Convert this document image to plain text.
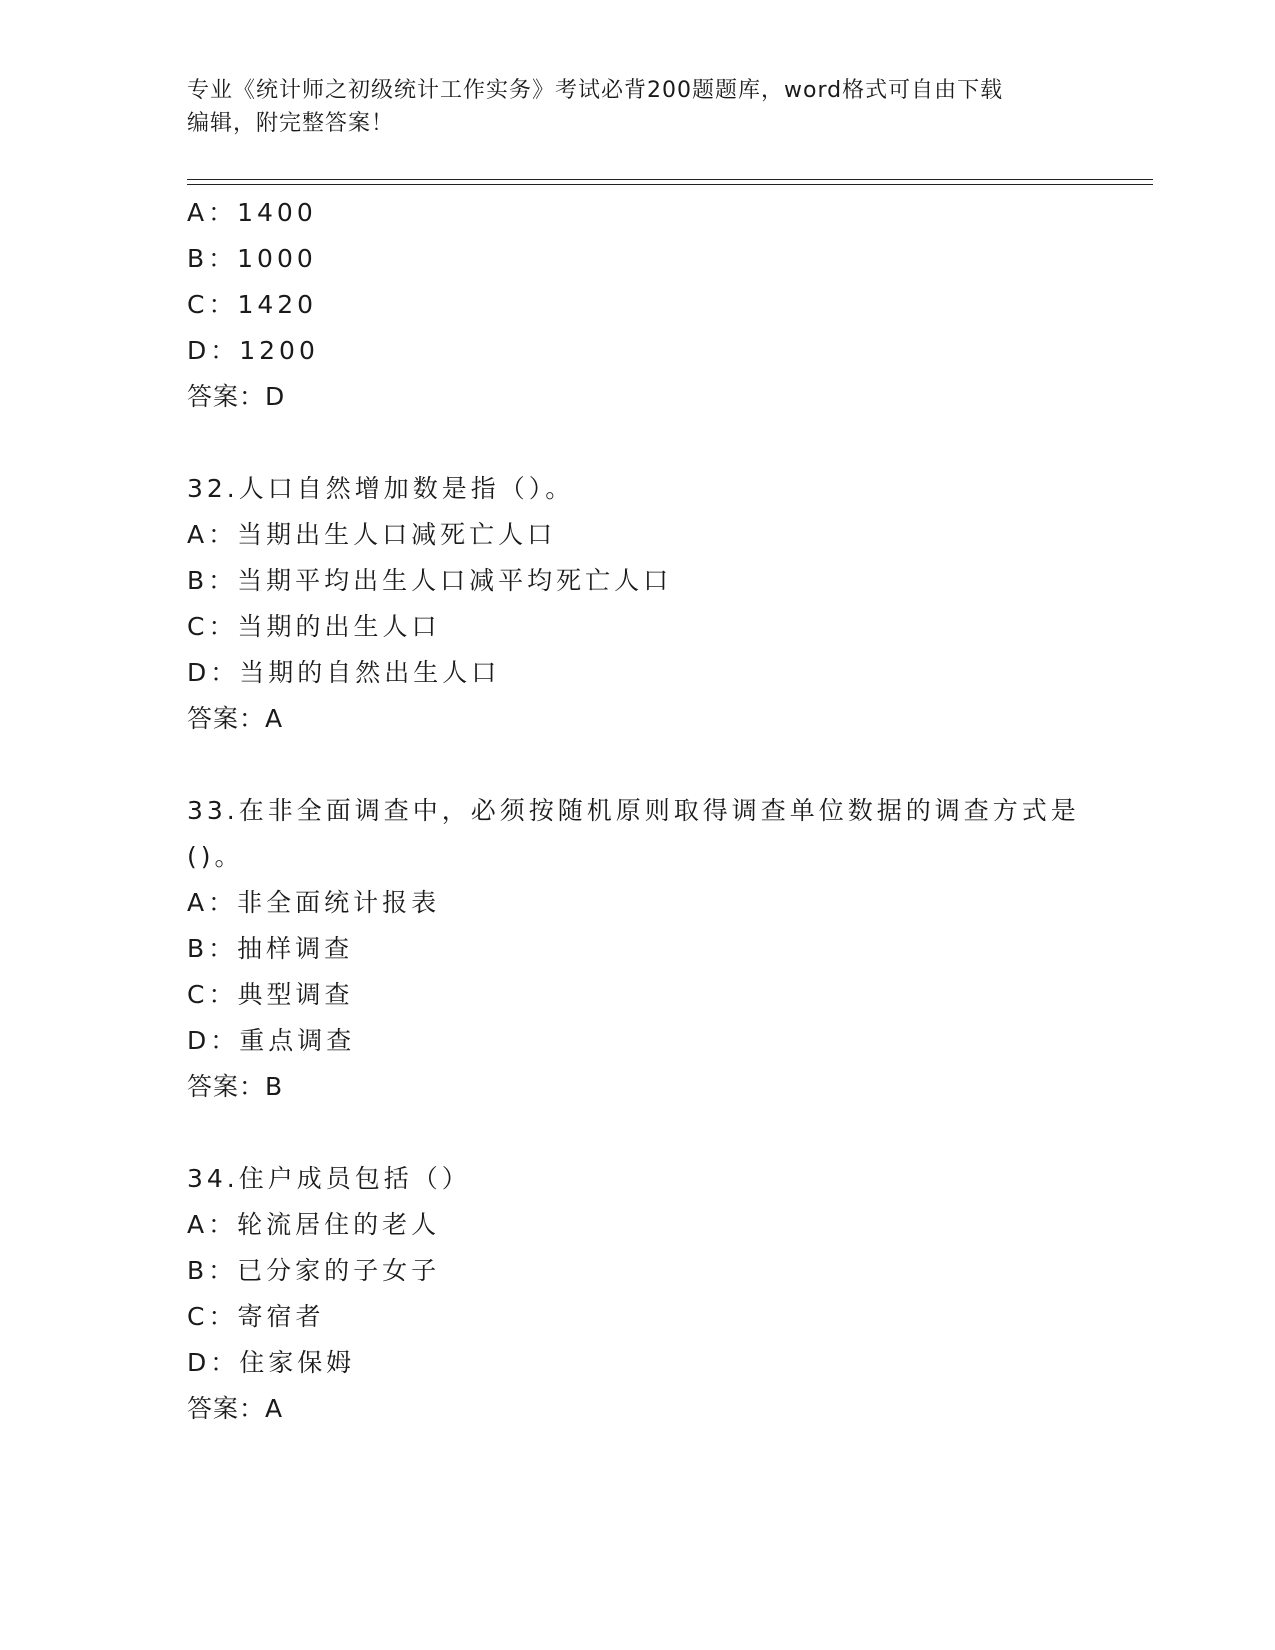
专业《统计师之初级统计工作实务》考试必背200题题库，word格式可自由下载
编辑，附完整答案！
A：1400
B：1000
C：1420
D：1200
答案：D
32.人口自然增加数是指（）。
A：当期出生人口减死亡人口
B：当期平均出生人口减平均死亡人口
C：当期的出生人口
D：当期的自然出生人口
答案：A
33.在非全面调查中，必须按随机原则取得调查单位数据的调查方式是
()。
A：非全面统计报表
B：抽样调查
C：典型调查
D：重点调查
答案：B
34.住户成员包括（）
A：轮流居住的老人
B：已分家的子女子
C：寄宿者
D：住家保姆
答案：A
